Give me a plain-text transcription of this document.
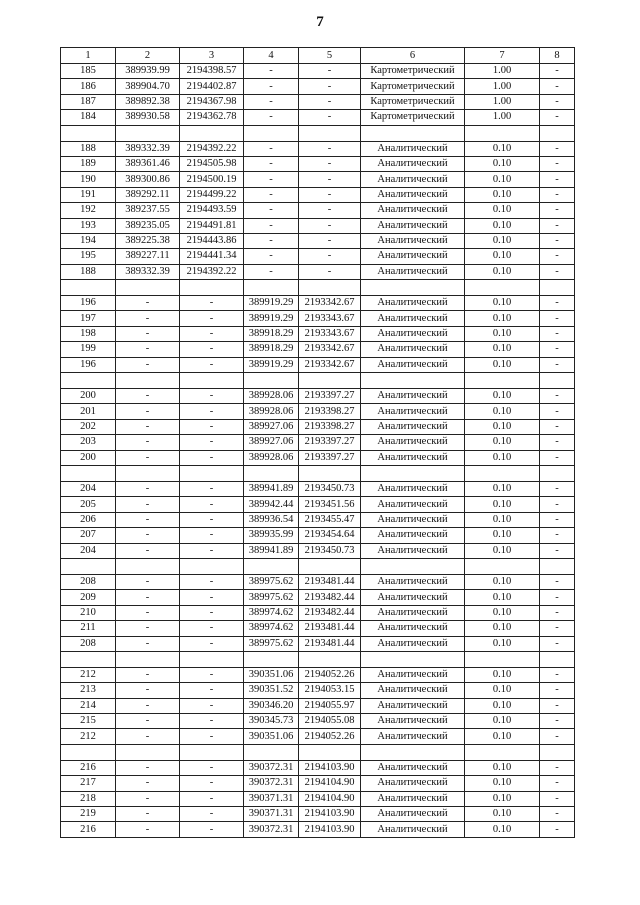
7
1	2	3	4	5	6	7	8
185	389939.99	2194398.57	-	-	Картометрический	1.00	-
186	389904.70	2194402.87	-	-	Картометрический	1.00	-
187	389892.38	2194367.98	-	-	Картометрический	1.00	-
184	389930.58	2194362.78	-	-	Картометрический	1.00	-

188	389332.39	2194392.22	-	-	Аналитический	0.10	-
189	389361.46	2194505.98	-	-	Аналитический	0.10	-
190	389300.86	2194500.19	-	-	Аналитический	0.10	-
191	389292.11	2194499.22	-	-	Аналитический	0.10	-
192	389237.55	2194493.59	-	-	Аналитический	0.10	-
193	389235.05	2194491.81	-	-	Аналитический	0.10	-
194	389225.38	2194443.86	-	-	Аналитический	0.10	-
195	389227.11	2194441.34	-	-	Аналитический	0.10	-
188	389332.39	2194392.22	-	-	Аналитический	0.10	-

196	-	-	389919.29	2193342.67	Аналитический	0.10	-
197	-	-	389919.29	2193343.67	Аналитический	0.10	-
198	-	-	389918.29	2193343.67	Аналитический	0.10	-
199	-	-	389918.29	2193342.67	Аналитический	0.10	-
196	-	-	389919.29	2193342.67	Аналитический	0.10	-

200	-	-	389928.06	2193397.27	Аналитический	0.10	-
201	-	-	389928.06	2193398.27	Аналитический	0.10	-
202	-	-	389927.06	2193398.27	Аналитический	0.10	-
203	-	-	389927.06	2193397.27	Аналитический	0.10	-
200	-	-	389928.06	2193397.27	Аналитический	0.10	-

204	-	-	389941.89	2193450.73	Аналитический	0.10	-
205	-	-	389942.44	2193451.56	Аналитический	0.10	-
206	-	-	389936.54	2193455.47	Аналитический	0.10	-
207	-	-	389935.99	2193454.64	Аналитический	0.10	-
204	-	-	389941.89	2193450.73	Аналитический	0.10	-

208	-	-	389975.62	2193481.44	Аналитический	0.10	-
209	-	-	389975.62	2193482.44	Аналитический	0.10	-
210	-	-	389974.62	2193482.44	Аналитический	0.10	-
211	-	-	389974.62	2193481.44	Аналитический	0.10	-
208	-	-	389975.62	2193481.44	Аналитический	0.10	-

212	-	-	390351.06	2194052.26	Аналитический	0.10	-
213	-	-	390351.52	2194053.15	Аналитический	0.10	-
214	-	-	390346.20	2194055.97	Аналитический	0.10	-
215	-	-	390345.73	2194055.08	Аналитический	0.10	-
212	-	-	390351.06	2194052.26	Аналитический	0.10	-

216	-	-	390372.31	2194103.90	Аналитический	0.10	-
217	-	-	390372.31	2194104.90	Аналитический	0.10	-
218	-	-	390371.31	2194104.90	Аналитический	0.10	-
219	-	-	390371.31	2194103.90	Аналитический	0.10	-
216	-	-	390372.31	2194103.90	Аналитический	0.10	-
